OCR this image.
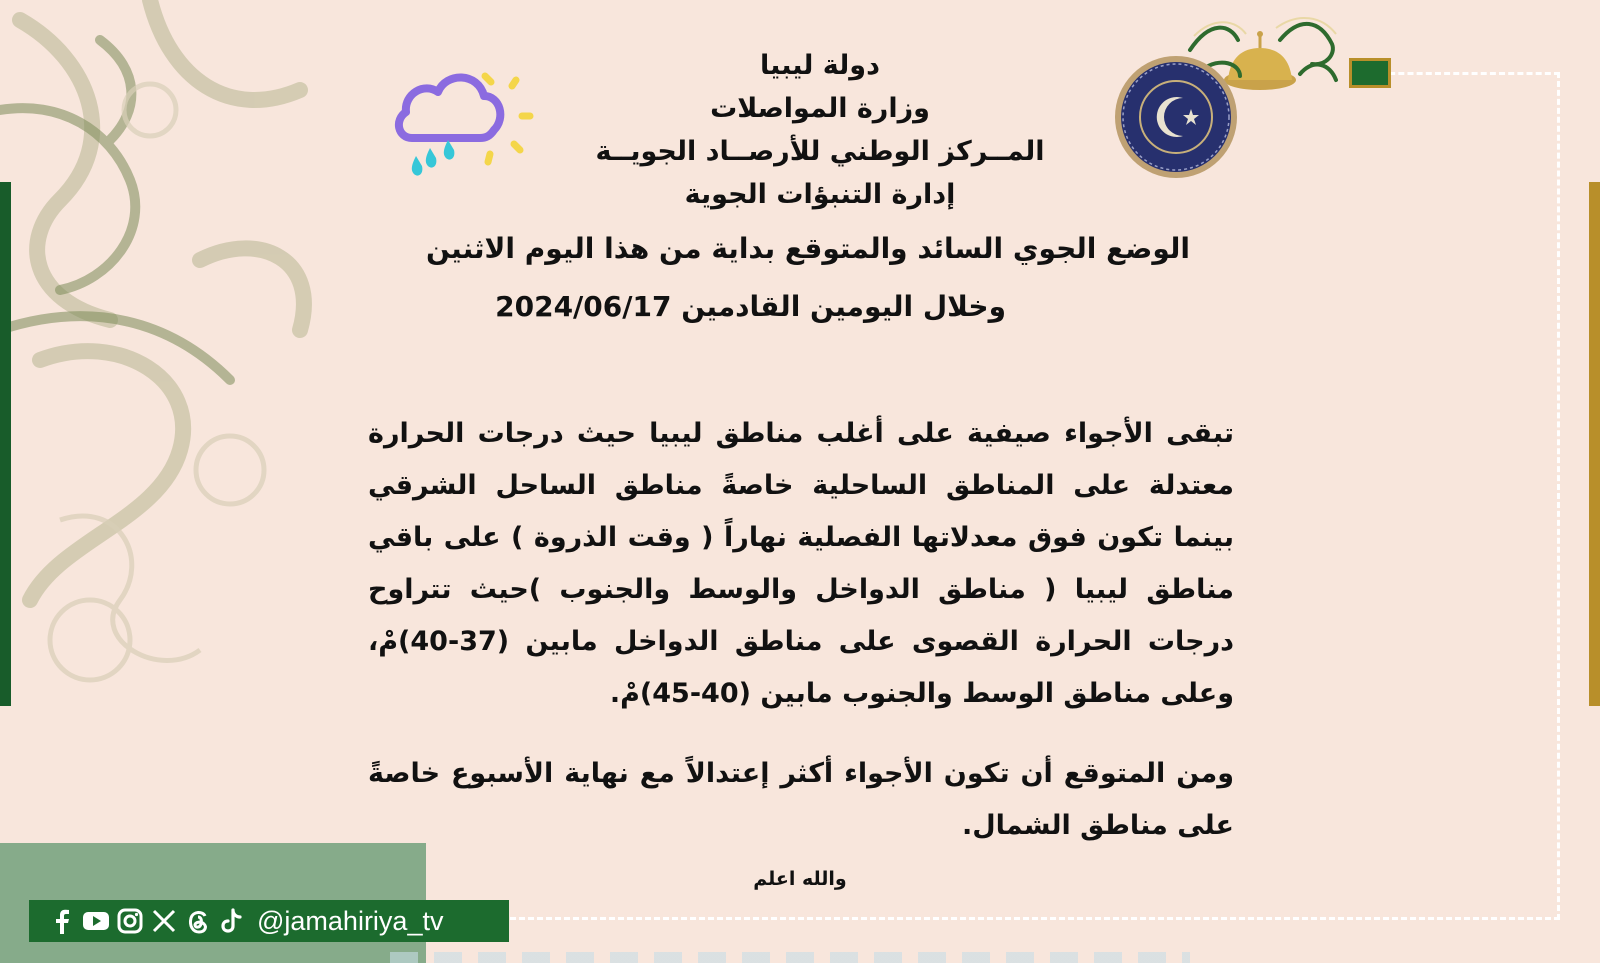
دولة ليبيا
وزارة المواصلات
المــركز الوطني للأرصــاد الجويــة
إدارة التنبؤات الجوية
الوضع الجوي السائد والمتوقع بداية من هذا اليوم الاثنين
2024/06/17 وخلال اليومين القادمين
تبقى الأجواء صيفية على أغلب مناطق ليبيا حيث درجات الحرارة معتدلة على المناطق الساحلية خاصةً مناطق الساحل الشرقي بينما تكون فوق معدلاتها الفصلية نهاراً ( وقت الذروة ) على باقي مناطق ليبيا ( مناطق الدواخل والوسط والجنوب )حيث تتراوح درجات الحرارة القصوى على مناطق الدواخل مابين (37-40)مْ، وعلى مناطق الوسط والجنوب مابين (40-45)مْ.
ومن المتوقع أن تكون الأجواء أكثر إعتدالاً مع نهاية الأسبوع خاصةً على مناطق الشمال.
والله اعلم
@jamahiriya_tv
